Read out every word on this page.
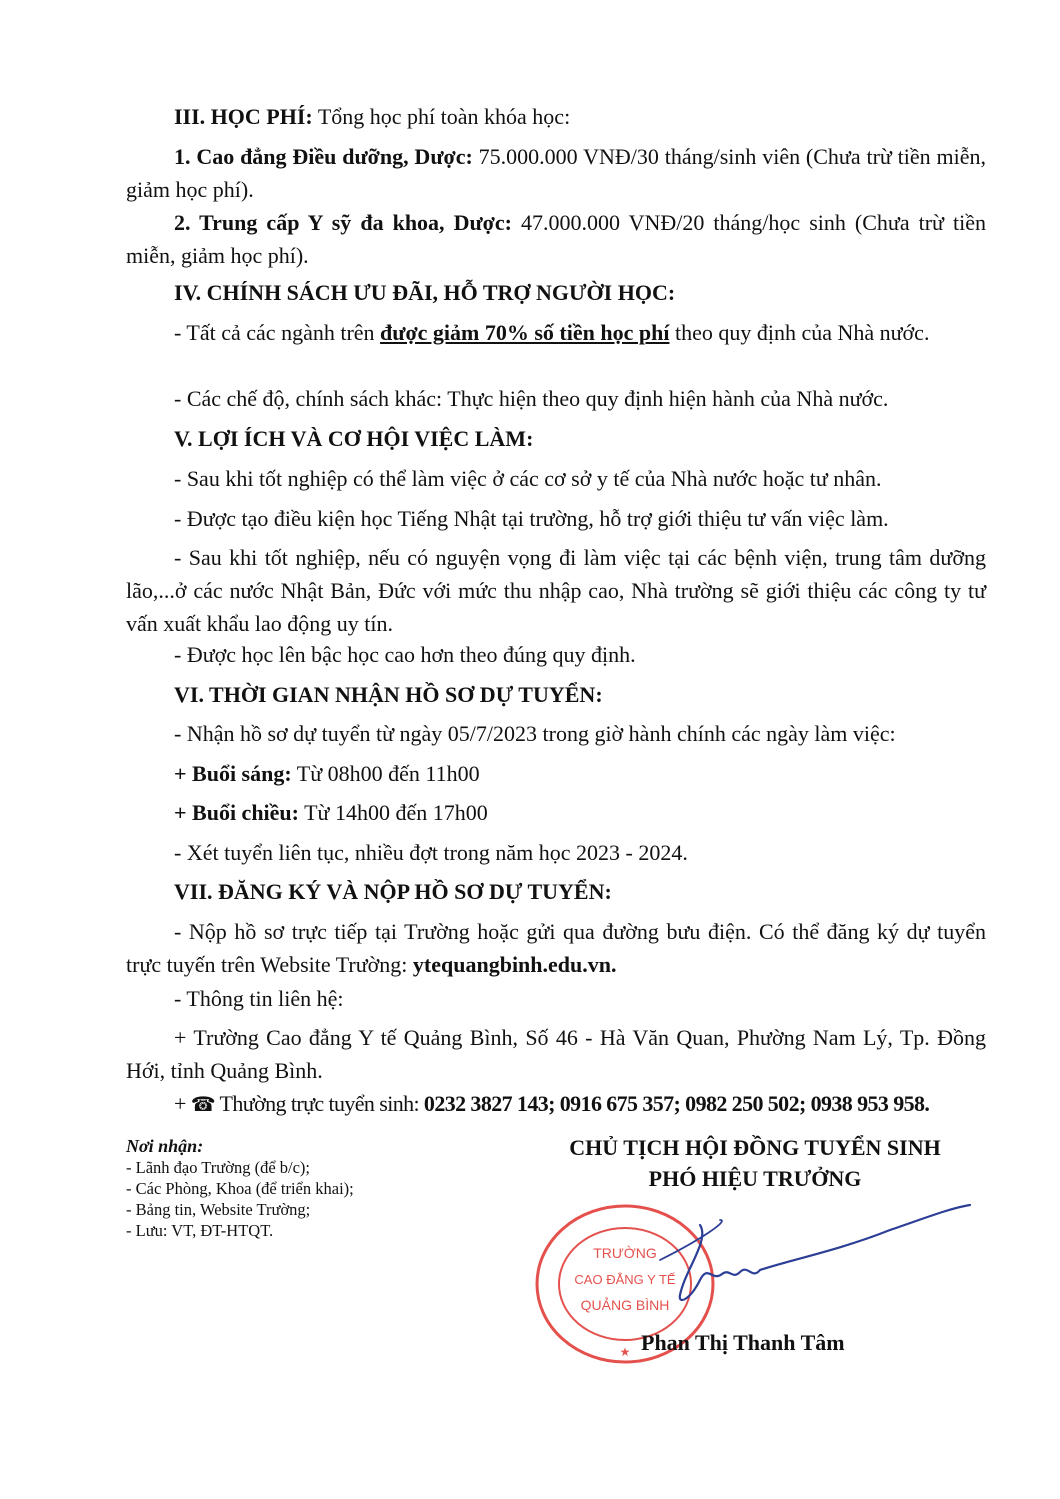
III. HỌC PHÍ: Tổng học phí toàn khóa học:
1. Cao đẳng Điều dưỡng, Dược: 75.000.000 VNĐ/30 tháng/sinh viên (Chưa trừ tiền miễn, giảm học phí).
2. Trung cấp Y sỹ đa khoa, Dược: 47.000.000 VNĐ/20 tháng/học sinh (Chưa trừ tiền miễn, giảm học phí).
IV. CHÍNH SÁCH ƯU ĐÃI, HỖ TRỢ NGƯỜI HỌC:
- Tất cả các ngành trên được giảm 70% số tiền học phí theo quy định của Nhà nước.
- Các chế độ, chính sách khác: Thực hiện theo quy định hiện hành của Nhà nước.
V. LỢI ÍCH VÀ CƠ HỘI VIỆC LÀM:
- Sau khi tốt nghiệp có thể làm việc ở các cơ sở y tế của Nhà nước hoặc tư nhân.
- Được tạo điều kiện học Tiếng Nhật tại trường, hỗ trợ giới thiệu tư vấn việc làm.
- Sau khi tốt nghiệp, nếu có nguyện vọng đi làm việc tại các bệnh viện, trung tâm dưỡng lão,...ở các nước Nhật Bản, Đức với mức thu nhập cao, Nhà trường sẽ giới thiệu các công ty tư vấn xuất khẩu lao động uy tín.
- Được học lên bậc học cao hơn theo đúng quy định.
VI. THỜI GIAN NHẬN HỒ SƠ DỰ TUYỂN:
- Nhận hồ sơ dự tuyển từ ngày 05/7/2023 trong giờ hành chính các ngày làm việc:
+ Buổi sáng: Từ 08h00 đến 11h00
+ Buổi chiều: Từ 14h00 đến 17h00
- Xét tuyển liên tục, nhiều đợt trong năm học 2023 - 2024.
VII. ĐĂNG KÝ VÀ NỘP HỒ SƠ DỰ TUYỂN:
- Nộp hồ sơ trực tiếp tại Trường hoặc gửi qua đường bưu điện. Có thể đăng ký dự tuyển trực tuyến trên Website Trường: ytequangbinh.edu.vn.
- Thông tin liên hệ:
+ Trường Cao đẳng Y tế Quảng Bình, Số 46 - Hà Văn Quan, Phường Nam Lý, Tp. Đồng Hới, tỉnh Quảng Bình.
+ ☎ Thường trực tuyển sinh: 0232 3827 143; 0916 675 357; 0982 250 502; 0938 953 958.
Nơi nhận:
- Lãnh đạo Trường (để b/c);
- Các Phòng, Khoa (để triển khai);
- Bảng tin, Website Trường;
- Lưu: VT, ĐT-HTQT.
CHỦ TỊCH HỘI ĐỒNG TUYỂN SINH
PHÓ HIỆU TRƯỞNG
TRƯỜNG
CAO ĐẲNG Y TẾ
QUẢNG BÌNH
★ Phan Thị Thanh Tâm
